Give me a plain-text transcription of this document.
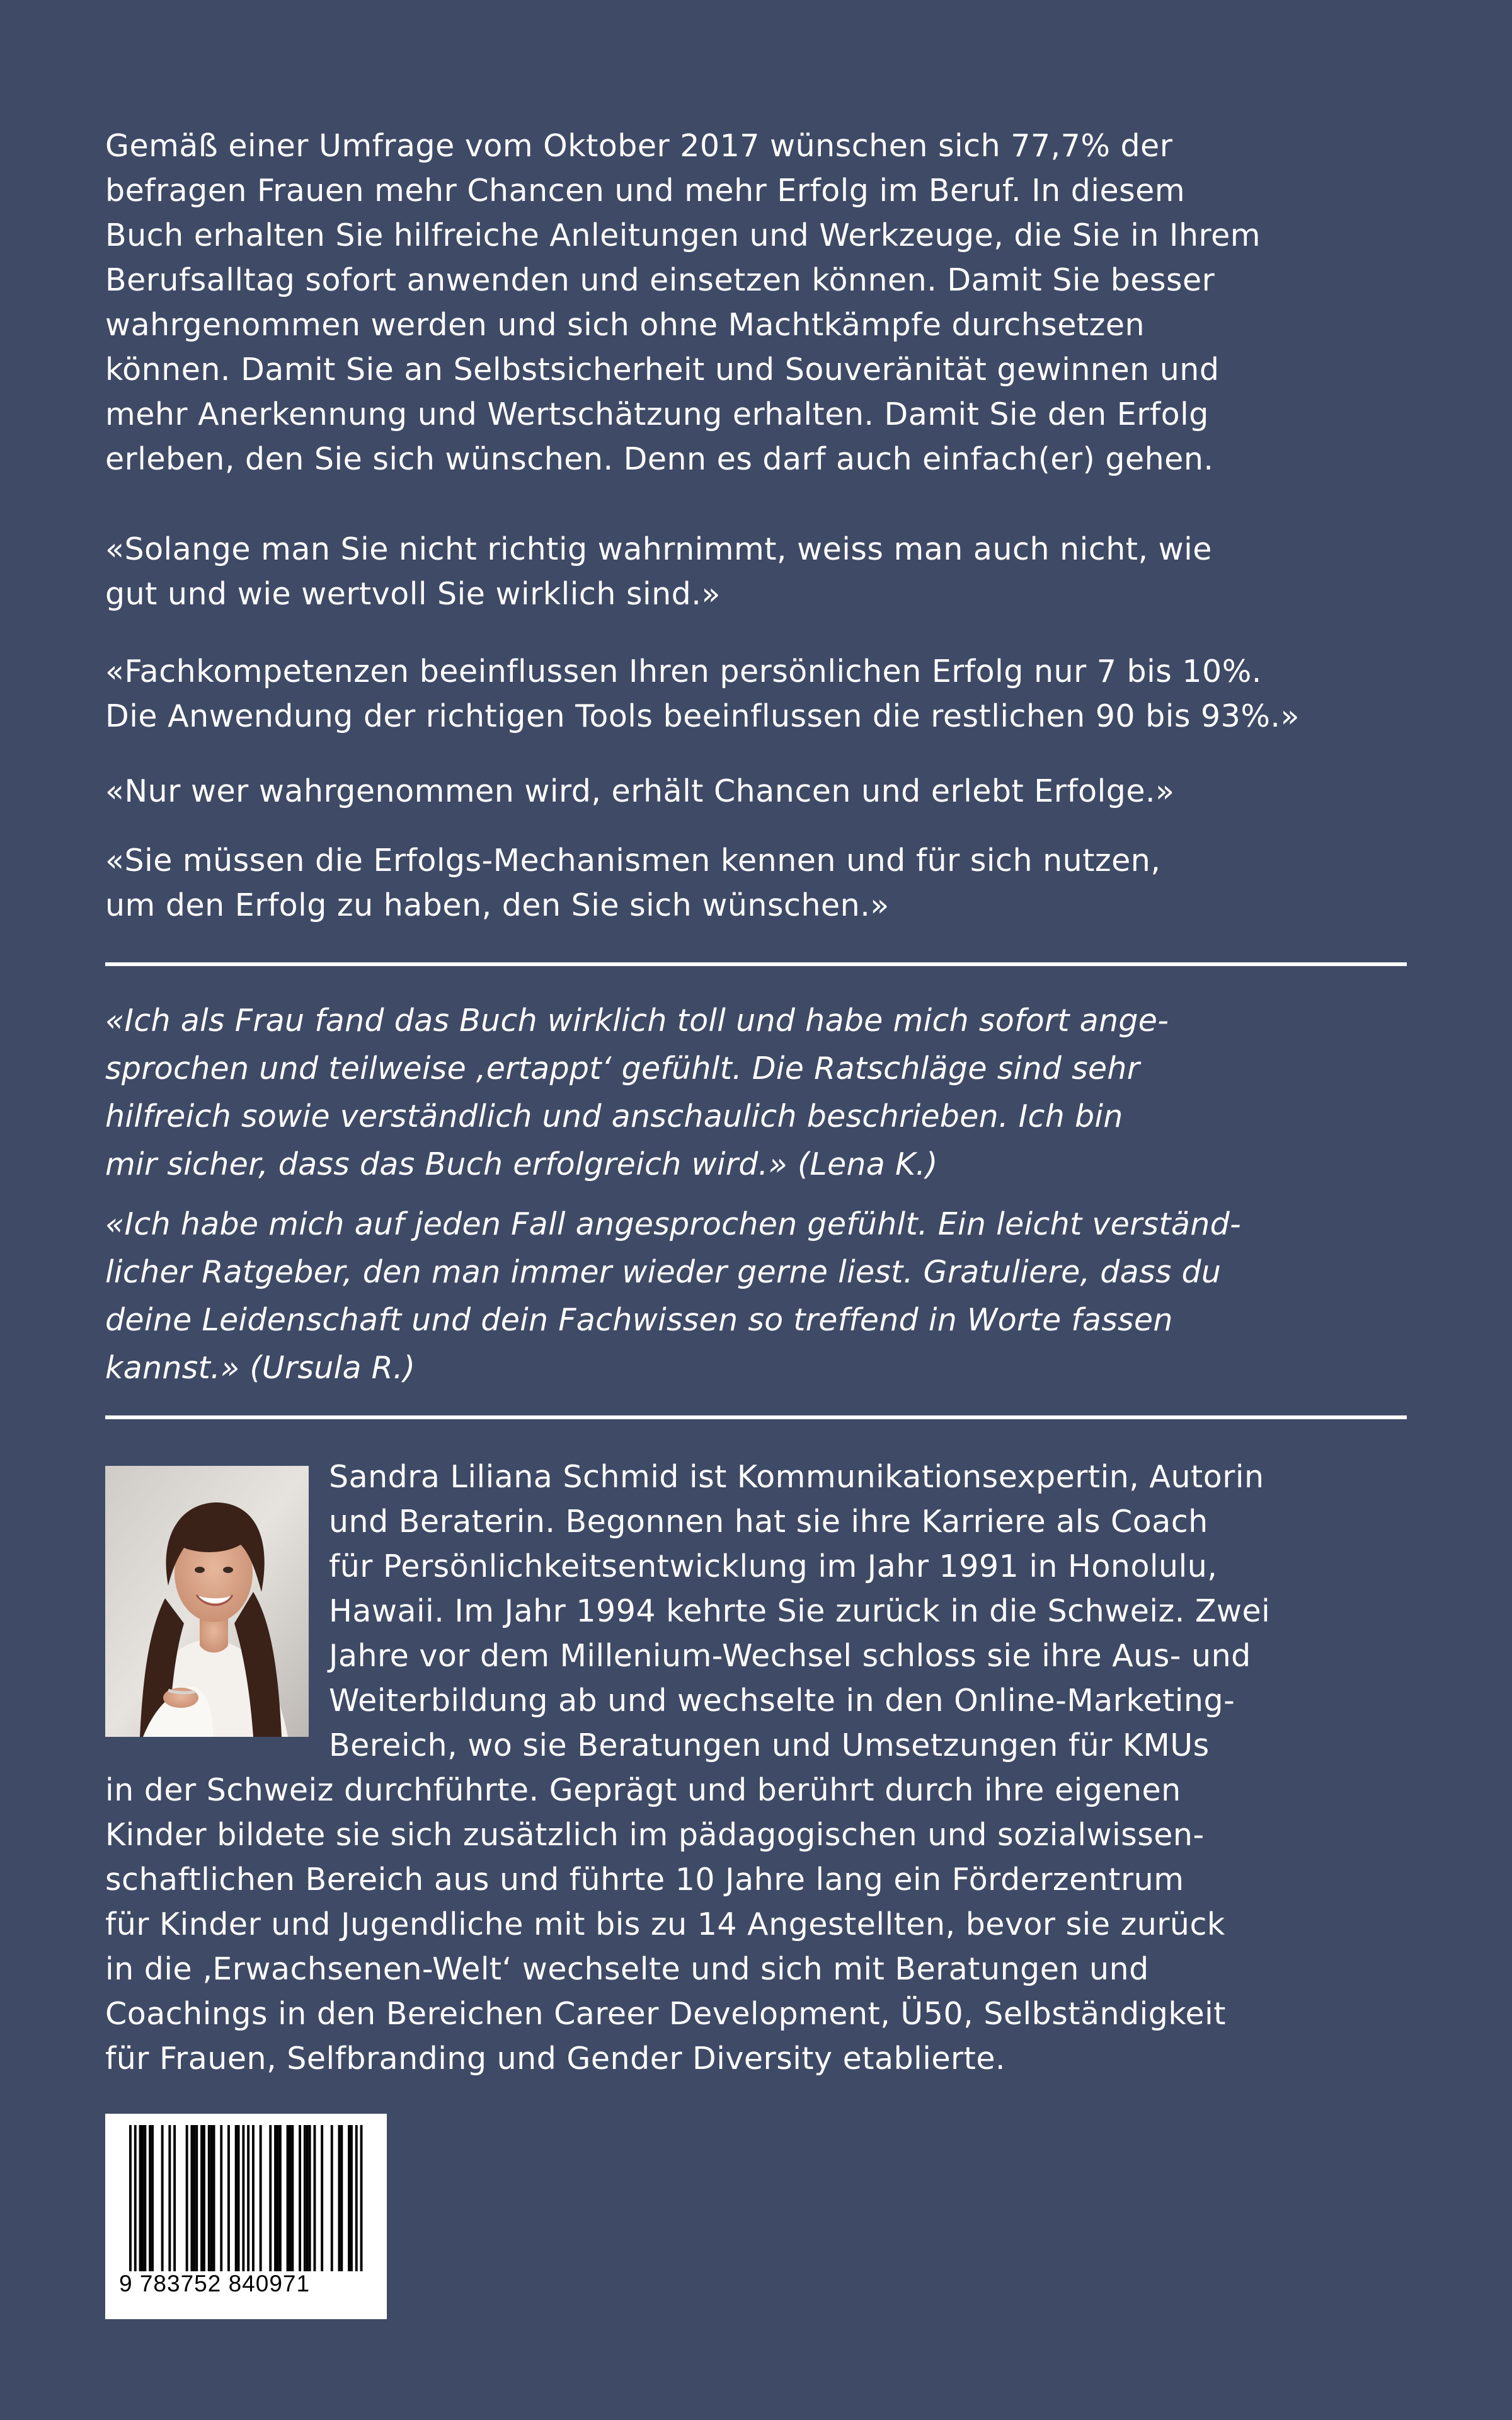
Gemäß einer Umfrage vom Oktober 2017 wünschen sich 77,7% der
befragen Frauen mehr Chancen und mehr Erfolg im Beruf. In diesem
Buch erhalten Sie hilfreiche Anleitungen und Werkzeuge, die Sie in Ihrem
Berufsalltag sofort anwenden und einsetzen können. Damit Sie besser
wahrgenommen werden und sich ohne Machtkämpfe durchsetzen
können. Damit Sie an Selbstsicherheit und Souveränität gewinnen und
mehr Anerkennung und Wertschätzung erhalten. Damit Sie den Erfolg
erleben, den Sie sich wünschen. Denn es darf auch einfach(er) gehen.

«Solange man Sie nicht richtig wahrnimmt, weiss man auch nicht, wie
gut und wie wertvoll Sie wirklich sind.»

«Fachkompetenzen beeinflussen Ihren persönlichen Erfolg nur 7 bis 10%.
Die Anwendung der richtigen Tools beeinflussen die restlichen 90 bis 93%.»

«Nur wer wahrgenommen wird, erhält Chancen und erlebt Erfolge.»

«Sie müssen die Erfolgs-Mechanismen kennen und für sich nutzen,
um den Erfolg zu haben, den Sie sich wünschen.»

«Ich als Frau fand das Buch wirklich toll und habe mich sofort ange-
sprochen und teilweise ‚ertappt‘ gefühlt. Die Ratschläge sind sehr
hilfreich sowie verständlich und anschaulich beschrieben. Ich bin
mir sicher, dass das Buch erfolgreich wird.» (Lena K.)

«Ich habe mich auf jeden Fall angesprochen gefühlt. Ein leicht verständ-
licher Ratgeber, den man immer wieder gerne liest. Gratuliere, dass du
deine Leidenschaft und dein Fachwissen so treffend in Worte fassen
kannst.» (Ursula R.)

Sandra Liliana Schmid ist Kommunikationsexpertin, Autorin
und Beraterin. Begonnen hat sie ihre Karriere als Coach
für Persönlichkeitsentwicklung im Jahr 1991 in Honolulu,
Hawaii. Im Jahr 1994 kehrte Sie zurück in die Schweiz. Zwei
Jahre vor dem Millenium-Wechsel schloss sie ihre Aus- und
Weiterbildung ab und wechselte in den Online-Marketing-
Bereich, wo sie Beratungen und Umsetzungen für KMUs
in der Schweiz durchführte. Geprägt und berührt durch ihre eigenen
Kinder bildete sie sich zusätzlich im pädagogischen und sozialwissen-
schaftlichen Bereich aus und führte 10 Jahre lang ein Förderzentrum
für Kinder und Jugendliche mit bis zu 14 Angestellten, bevor sie zurück
in die ‚Erwachsenen-Welt‘ wechselte und sich mit Beratungen und
Coachings in den Bereichen Career Development, Ü50, Selbständigkeit
für Frauen, Selfbranding und Gender Diversity etablierte.

9 783752 840971
